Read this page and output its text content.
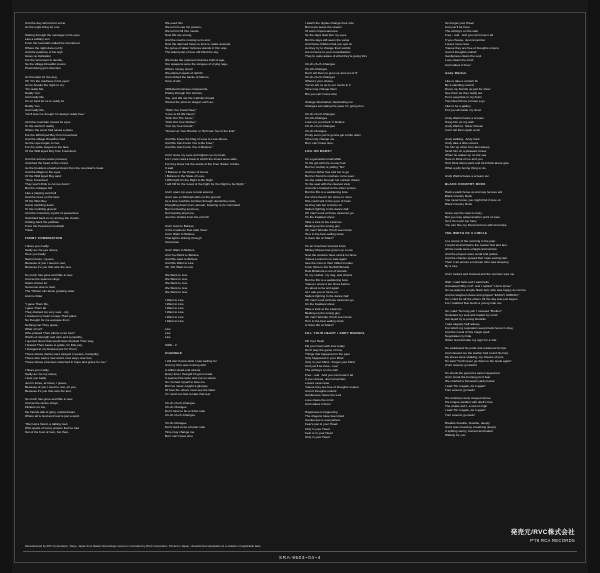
And the day will end for some

As the night bring for one.

Staring through the message in his eyes

Lies a solitary son

From the mountain called the Forcefood

Where the night dare not fly

And the patience in his sigh

Gives no indication

For the torrement to decide,

So the village Dreadful covers

Provincising grim direction

As the label for the dog,

Oh "It's the madness in his eyes"

As he breaks the night to cry:

"It's really Me,

Really You"

And really Me,

It's so hard for us to really be

Really You

And really Me,

You'll lose me though I'm always really free."

And the mountain moved its eyes

To the world of reality

Where the snow had saved a place

For the Wild Eyed Boy from Freecloud,

And the village Dreadful cried

As the rope began to rise

For the smile stayed on the face

Of the Wild Eyed Boy from Freecloud.

And the women anew proceed,

Clutched the heart of the crowd

As the boulders smashed down from the mountain's head.

And the Magic in the eyes

Of the Wild Eyed Boy said:

"Stop, Freecloud

They won't think to cut me down,"

But the cottages fell

Like a playing card bell

And the trees on the face

Of the Who Boy

Came tumbling down

To the rumbling ground

And the monotony mystic of peace/love

Stumbled back to cry among the clouds,

Kicking back the pebbles

From the freecloud mountain

Track.

FUNNY COMBINATION

I bless you madly.

Sadly as I lie eye shoes,

Here you badly

Sad in times, I guess,

Because of you I need to rest,

Because it's you that sets the test.

So much has gone and little is new

And as the sparrow sings

Dawn chorus for

Someone else to hear,

The Thinker sits alone growing older

And no bitter.

"I gave Them life,

I gave Them all

They drained my very soul... dry.

I cracked my heart to tape Their pains

No thought for me escapes them

Nothing can They spare,

What of me?

Who praised Their efforts to be free?

Words of strength and care and sympathy,

I opened doors that would have blocked Their way,

I braced Their cause to guide, for little pay.

I trinaged at my Dearest just for Them;

Those whose claims were strayed in peace, tranquility.

Those who said a new world, new ways over free

Those whose promises stretched in hope and grace for me."

I bless you madly,

Sadly as I lie my shoes,

I love you badly

Just in times, at times, I guess,

Because of you I need to rest, oh yes,

Because it's you that sets the test.

So much has gone and little is new

And as the ravine strays

Flickers on me,

My friends talk of glory, untold dream,

Where all is God and God is just a word.

"We had a friend, a talking man

Who spoke of many powers that he had

Not of the host of men, but then,

We used him

We let him see his powers,

We let him fill Our needs,

Now We are strong,

And the road is coming to its end,

Now the damned have no time to make amends,

No purse of taken fortunes stands in Our way.

The talent pain of love will blind the sky.

We broke the ruptured structure built of age,

Our weapons were the tongues of crying rage,

Where money stood

We planted seeds of rebirth

And rubbed the backs of fathers,

Sons of dirt.

Infiltrated business compounds,

Hating through Our shrines,

You, and We ate the Catholic thread

Stoned the print on dragon such as:

"Wish You Could Hear,"

"Love Is All We Need,"

"Kick Out The Jams,"

"Kick Out Your Mother,"

"Cut Up Your Friend,"

"Screw Up Your Brother or He'll Get You In the End"

And We Know the Flag of Love is Love Above,

And We Can Force You to Be Free,"

And We Can Force You to Believe."

And I close my eyes and tighten up my brain,

For I once read a book in which the lovers were slain,

For they knew not the words of the Free States' refrain,

It said

"I Believe in the Power of Good,

I Believe in the State of Love,

I Will Fight for the Right to Be Right

I will Kill for the Good of the Fight for the Right to be Right."

And I open my eyes to look around,

And I see a child laid slain on the ground.

As a love machine lumbers through derelictive rows,

Ploughing down man, woman, listening to its command.

But not hearing anymore,

Not hearing anymore,

Just the shrieks from the old rich.

And I want to Believe

In the madness that calls 'Now.'

And I Want to Believe

That light's shining through

Somehow.

And I Want to Believe

And You Want to Believe

And We want to Believe

And We Want to Live

Oh, We Want to Live

We Want to Live

We Want to Live

We Want to Live

We Want to Live

We Want to Live

I Want to Live

I Want to Live

I Want to Live

I Want to Live

I Want to Live

I Want to Live

Live

Live

Live

SIDE - 3

CHANGES

I still don't know what I was waiting for

And my time was running wild

A million dead-end streets

Every time I thought I'd got it made

It seemed the taste was not so sweet.

So I turned myself to face me

But I've never caught a glimpse

Of how the others must see the faker

I'm much too fast to take that test

Ch-ch-ch-ch-Changes

Ch-ch-Changes

Don't have to be a richer man

Ch-ch-ch-ch-Changes

Ch-ch-Changes

Don't want to be a better man

Time may change me

But I can't trace time

I watch the ripples change their size

But never leave the stream

Of warm impermanence

So the days float thru my eyes

But the days still seem the same

And these children that you spit on

As they try to change their worlds

Are immune to your consultations

They're quite aware of what they're going thru

Ch-ch-ch-ch-Changes

Ch-Ch-Changes

Don't tell them to grow up and out of IT

Ch-ch-ch-ch-Changes

Where's your shame

You've left us up to our necks in it

Time may change them

But you can't trace time

Strange fascination, fascinating me

Changes are taking the pace I'm going thru

Ch-ch-ch-ch-Changes

Ch-Ch-Changes

Look out you Rock 'n' Rollers

Ch-ch-ch-ch-Changes

Ch-ch-Changes

Pretty soon you're gonna get a little older

Time may change me

But I can't trace time.

LIFE ON MARS?

It's a god-awful small affair

To the girl with the mousy hair

But her mother is yelling "No"

And her father has told her to go

But her friend is nowhere to be seen

As she walks through her sunken dream

To the seat with the clearest view

And she's hooked to the silver screen

But the film is a saddening bore

For she's lived it ten times or more

She could spit in the eyes of fools

As they ask her to focus on

Sailors fighting in the dance hall

Oh man! Look at those cavemen go

It's the freakiest show

Take a look at the Lawman

Beating up the wrong guy

Oh man! Wonder if he'll ever know

He's in the best selling show

Is there life on Mars?

It's an American tortured brow

Mickey Mouse has grown up a cow

Now the workers have struck for fame

'Cause Lennon's on sale again

See the mice in their million hordes

From Ibiza to the Norfolk Broads

Rule Britannia is out of bounds

To my mother, my dog, and clowns

But the film is a saddening bore

'Cause I wrote it ten times before

It's about to be writ again

As I ask you to focus on

Sailors fighting in the dance hall

Oh man! Look at those cavemen go

It's the freakiest show

Take a look at the Lawman

Beating up the wrong guy

Oh man! Wonder if he'll ever know

He's in the best selling show

Is there life on Mars?

FILL YOUR HEART / ANDY WARHOL

Fill Your Heart

Fill your heart with love today

Don't play the game of time

Things that happened in the past

Only happened in your Mind

Only in your Mind - Forget your Mind

And you'll be Free - real

The writing's on the wall

Free - real   And you can know it all

If you choose, Just remember,

Lovers never lose

'Cause they are free of thoughts unpure

And of thoughts unkind

Gentleness clears the soul

Love clears the mind

And makes it Free!

Happiness is happening

The dragons have been bled

Gentleness is everywhere

Fear's just in your Head

Only in your Head

Fear is in your Head

Only in your Head

So Forget your Head

And you'll be Free

The writing's on the wall

Free - real   And you can know it all

If you choose, Just remember

Lovers never lose

'Cause they are free of thoughts unpure

And of thoughts unkind

Gentleness clears the soul

Love clears the mind

And makes it Free!

Andy Warhol

Like to take a contact fix

Be a standing cosmic

Dress my friends up just for show

See them as they really are

Put a peephole in my brain

Two New Pence to have a go

Like to be a gallery

Put you all inside my show

Andy Warhol looks a scream

Hang him on my wall

Andy Warhol,  Silver Screen

Can't tell them apart at all

Andy walking,  Andy tired

Andy take a little snooze

Tie him up when he's fast asleep

Send him on a pleasant cruise

When he wakes up on the sea

Sure to think of me and you

He'll think about paint and he'll think about glue

What a jolly boring thing to do.

Andy Warhol looks a scream etc.

BLACK COUNTRY ROCK

Pack a pack horse up and say he-love ark

Black Country Rock

You never know, you might find it here on

Black Country Rock

Some say the view is crazy

But you may adapt another point of view

So if it's much too hazy

You can hire my friend and me with fond idea.

THE WIDTH OF A CIRCLE

In a corner of the morning in the past

I would sit and blame the master first and last

All the roads were straight and narrow

And the prayers were small and yellow

And the chanter spread that I was sowing last

Then I ran across a monster who was sleeping

By a tree.

And I looked and frowned and the monster was me

Well, I said hello and I said hello

And asked Why not?  and I replied "I don't know."

So we asked a simple black belt, who was happy as can be.

And he laughed shone and gripped "EASILY GIBRAN,"

So I cried for all the others 'till the day was just begun

For I realized that God's a young man too.

So I said "So long pal" I moaned "Brother"

Smashed my soul and traded my mind

Got layed by a young bordello

I was vaguely half asleep,

For which my reputation swept back home in drag

And the moral of this magic spell

Negotiates my hide

When God did take my logic for a ride.

He swallowed his pride and puckered his lips

And showed me the leather belt round his hips

My knees were shaking, my cheeks of june

He said "You'll never go down to the Gods again"

(Turn around, go back!)

He shook the ground a carren appeared

And I smelt the burning pit of fear

We crashed a thousand yards below

I said "Do it again, do it again"

Turn around, go back!

His nebulous body swayed above

His tongue swollen with devil's love

The snake and I, a venom high

I said "Do it again, do it again"

Turn around, go back!

Breathe breathe, breathe, deeply

And I was receiving, breathing deeply

A spitting sentry, horned and bailed

Waiting for you.

Manufactured by RVC Corporation, Tokyo, Japan from Master Recordings owned or controlled by RCA Corporation. Printed in Japan. Unauthorized duplication is a violation of applicable laws.
発売元/RVC株式会社
P'76 RCA RECORDS
SRA-9503~04~4
